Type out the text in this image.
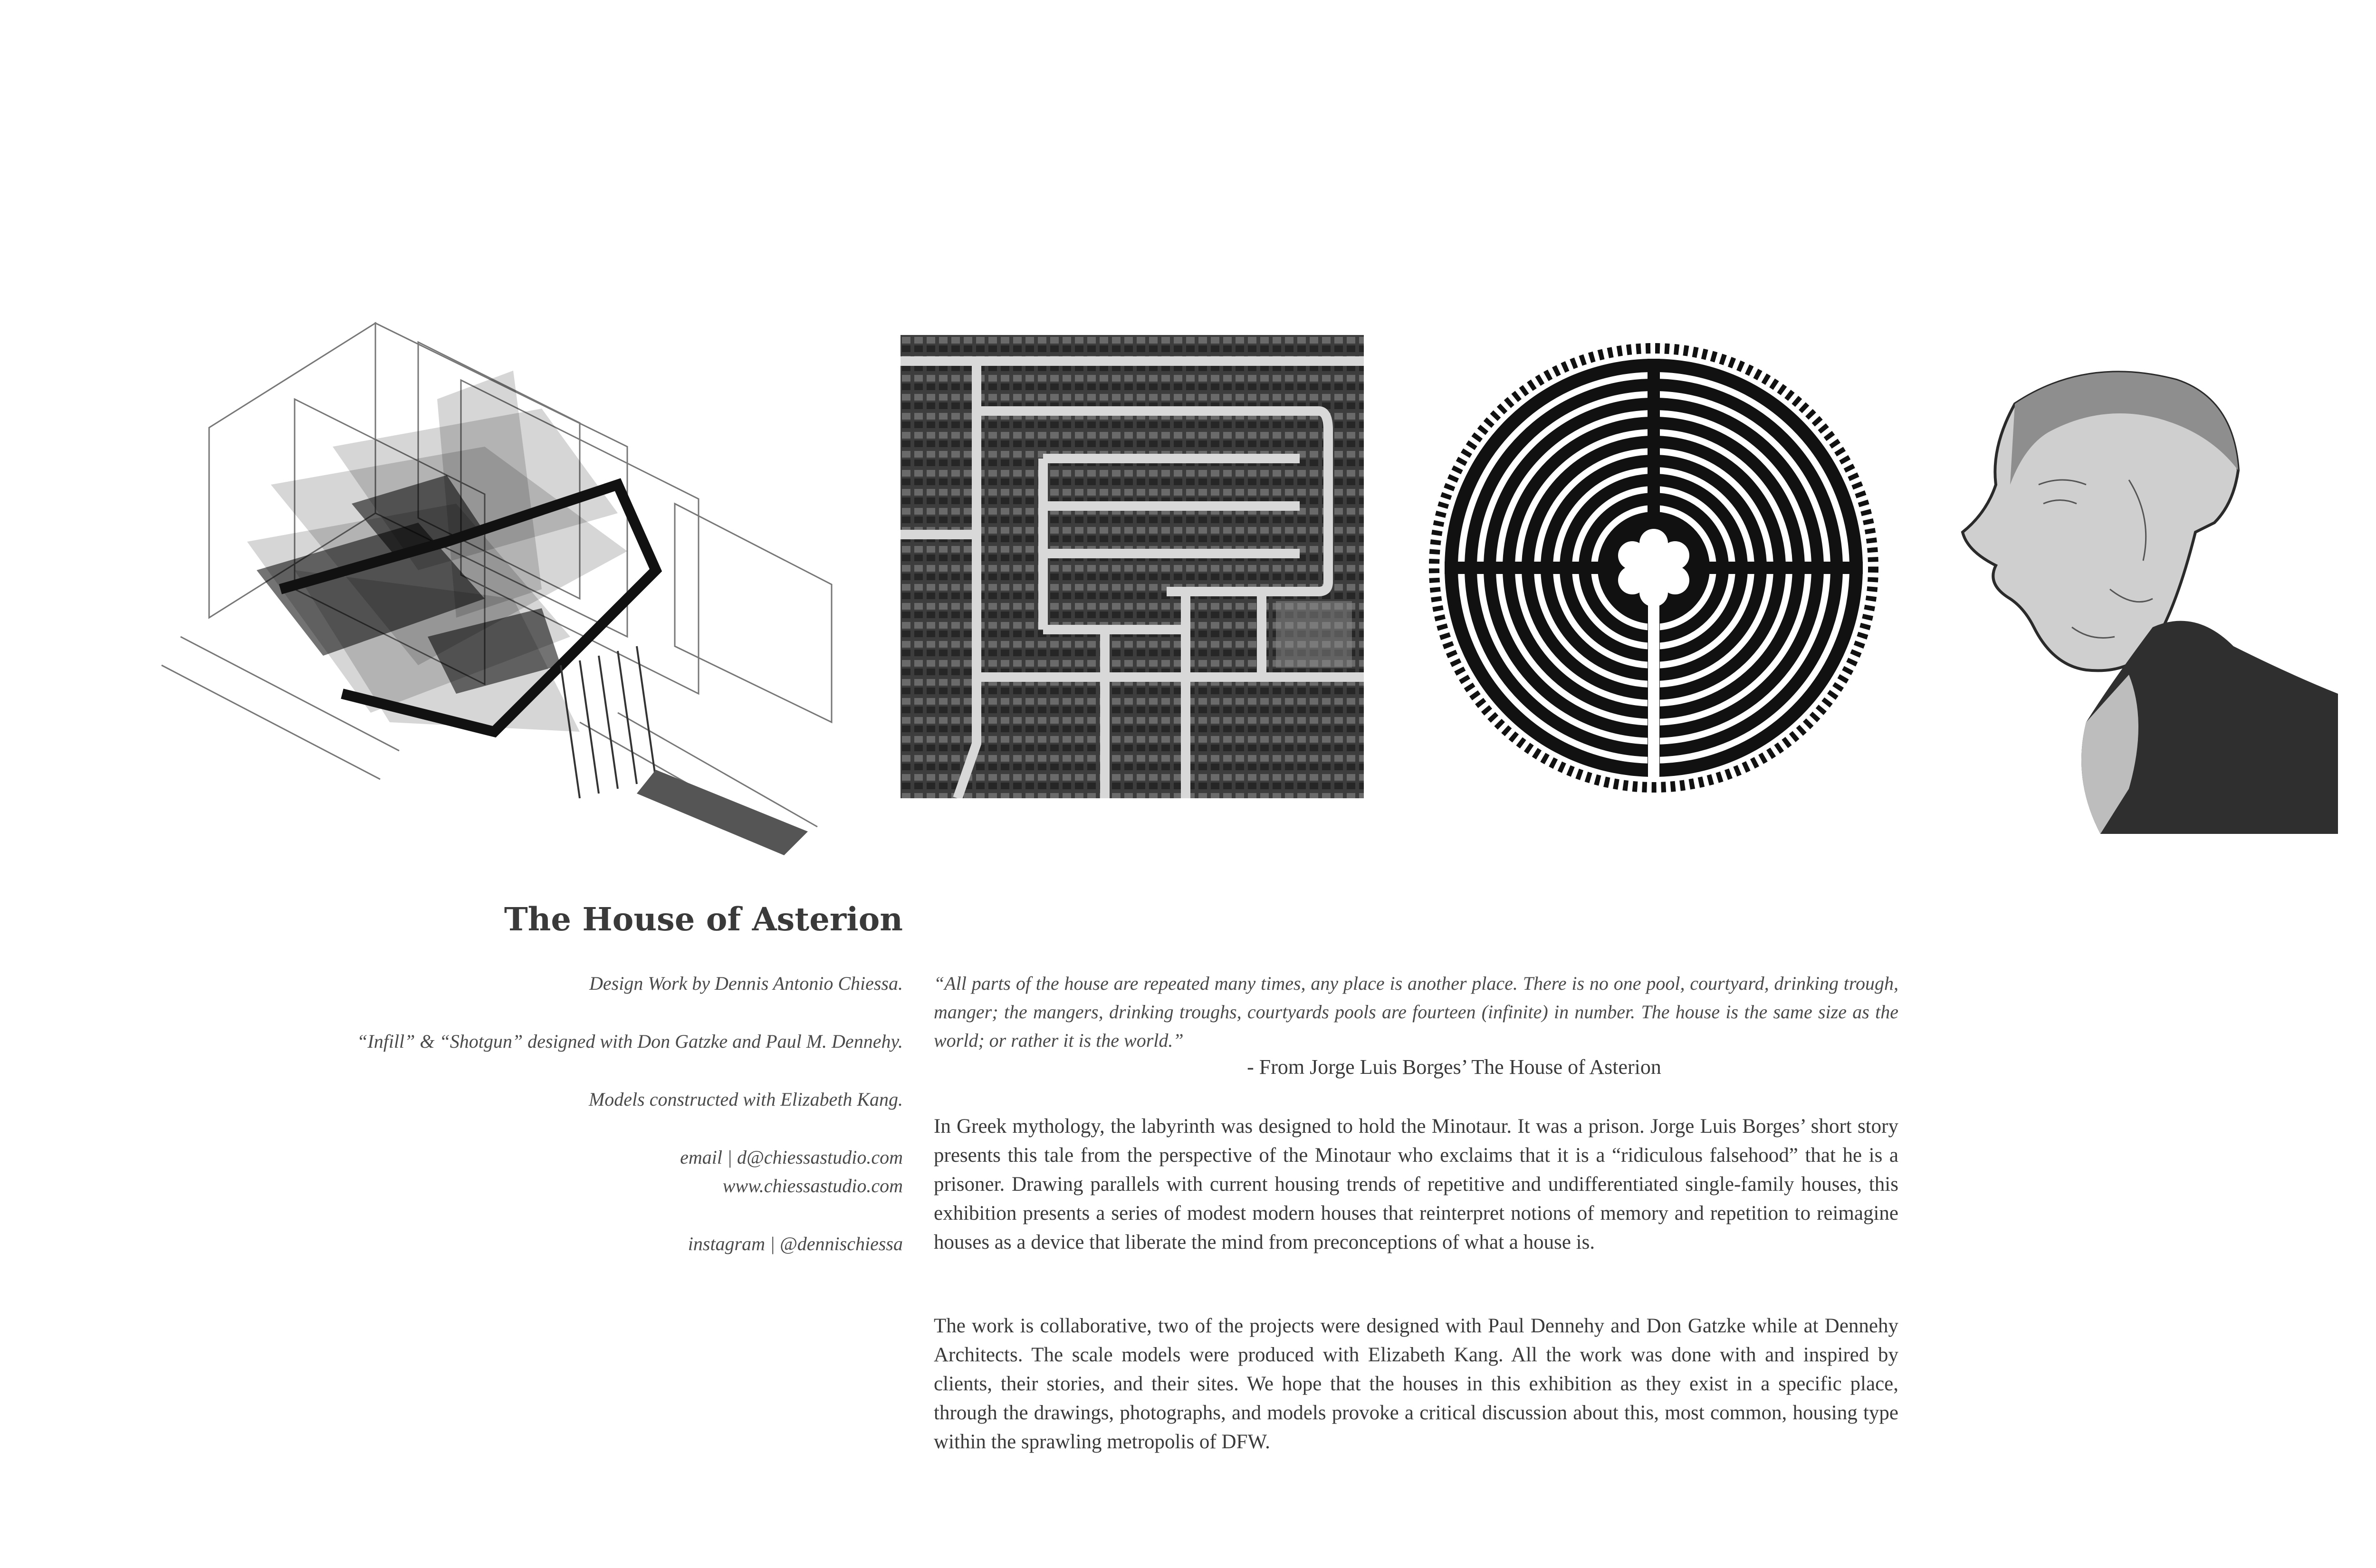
The House of Asterion

Design Work by Dennis Antonio Chiessa.

“Infill” & “Shotgun” designed with Don Gatzke and Paul M. Dennehy.

Models constructed with Elizabeth Kang.

email | d@chiessastudio.com

www.chiessastudio.com

instagram | @dennischiessa

“All parts of the house are repeated many times, any place is another place. There is no one pool, courtyard, drinking trough, manger; the mangers, drinking troughs, courtyards pools are fourteen (infinite) in number. The house is the same size as the world; or rather it is the world.”

- From Jorge Luis Borges’ The House of Asterion

In Greek mythology, the labyrinth was designed to hold the Minotaur. It was a prison. Jorge Luis Borges’ short story presents this tale from the perspective of the Minotaur who exclaims that it is a “ridiculous falsehood” that he is a prisoner. Drawing parallels with current housing trends of repetitive and undifferentiated single-family houses, this exhibition presents a series of modest modern houses that reinterpret notions of memory and repetition to reimagine houses as a device that liberate the mind from preconceptions of what a house is.

The work is collaborative, two of the projects were designed with Paul Dennehy and Don Gatzke while at Dennehy Architects. The scale models were produced with Elizabeth Kang. All the work was done with and inspired by clients, their stories, and their sites. We hope that the houses in this exhibition as they exist in a specific place, through the drawings, photographs, and models provoke a critical discussion about this, most common, housing type within the sprawling metropolis of DFW.
